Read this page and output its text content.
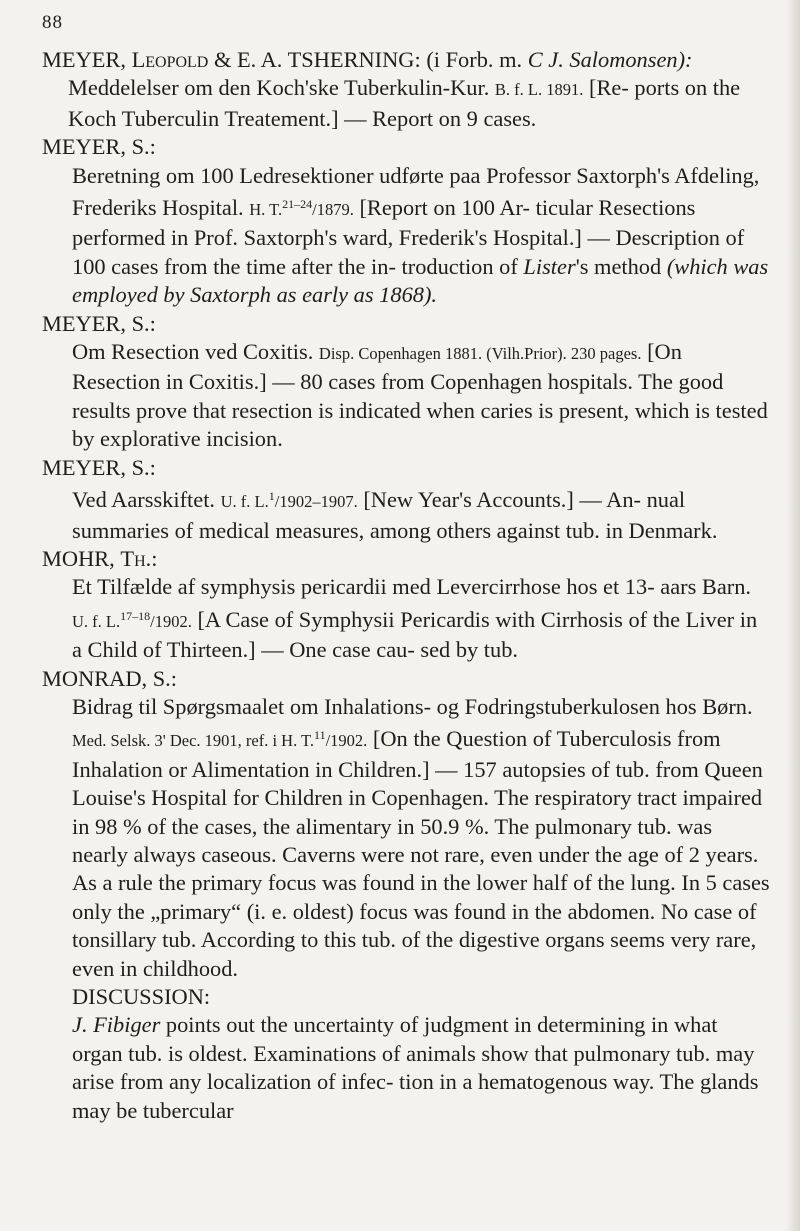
88
MEYER, Leopold & E. A. TSHERNING: (i Forb. m. C J. Salomonsen): Meddelelser om den Koch'ske Tuberkulin-Kur. B. f. L. 1891. [Re- ports on the Koch Tuberculin Treatement.] — Report on 9 cases.
MEYER, S.:
Beretning om 100 Ledresektioner udførte paa Professor Saxtorph's Afdeling, Frederiks Hospital. H. T.$^{21-24}$/1879. [Report on 100 Ar- ticular Resections performed in Prof. Saxtorph's ward, Frederik's Hospital.] — Description of 100 cases from the time after the in- troduction of Lister's method (which was employed by Saxtorph as early as 1868).
MEYER, S.:
Om Resection ved Coxitis. Disp. Copenhagen 1881. (Vilh.Prior). 230 pages. [On Resection in Coxitis.] — 80 cases from Copenhagen hospitals. The good results prove that resection is indicated when caries is present, which is tested by explorative incision.
MEYER, S.:
Ved Aarsskiftet. U. f. L.$^1$/1902–1907. [New Year's Accounts.] — An- nual summaries of medical measures, among others against tub. in Denmark.
MOHR, Th.:
Et Tilfælde af symphysis pericardii med Levercirrhose hos et 13- aars Barn. U. f. L.$^{17-18}$/1902. [A Case of Symphysii Pericardis with Cirrhosis of the Liver in a Child of Thirteen.] — One case cau- sed by tub.
MONRAD, S.:
Bidrag til Spørgsmaalet om Inhalations- og Fodringstuberkulosen hos Børn. Med. Selsk. 3' Dec. 1901, ref. i H. T.$^{11}$/1902. [On the Question of Tuberculosis from Inhalation or Alimentation in Children.] — 157 autopsies of tub. from Queen Louise's Hospital for Children in Copenhagen. The respiratory tract impaired in 98 % of the cases, the alimentary in 50.9 %. The pulmonary tub. was nearly always caseous. Caverns were not rare, even under the age of 2 years. As a rule the primary focus was found in the lower half of the lung. In 5 cases only the „primary“ (i. e. oldest) focus was found in the abdomen. No case of tonsillary tub. According to this tub. of the digestive organs seems very rare, even in childhood.
DISCUSSION:
J. Fibiger points out the uncertainty of judgment in determining in what organ tub. is oldest. Examinations of animals show that pulmonary tub. may arise from any localization of infec- tion in a hematogenous way. The glands may be tubercular
